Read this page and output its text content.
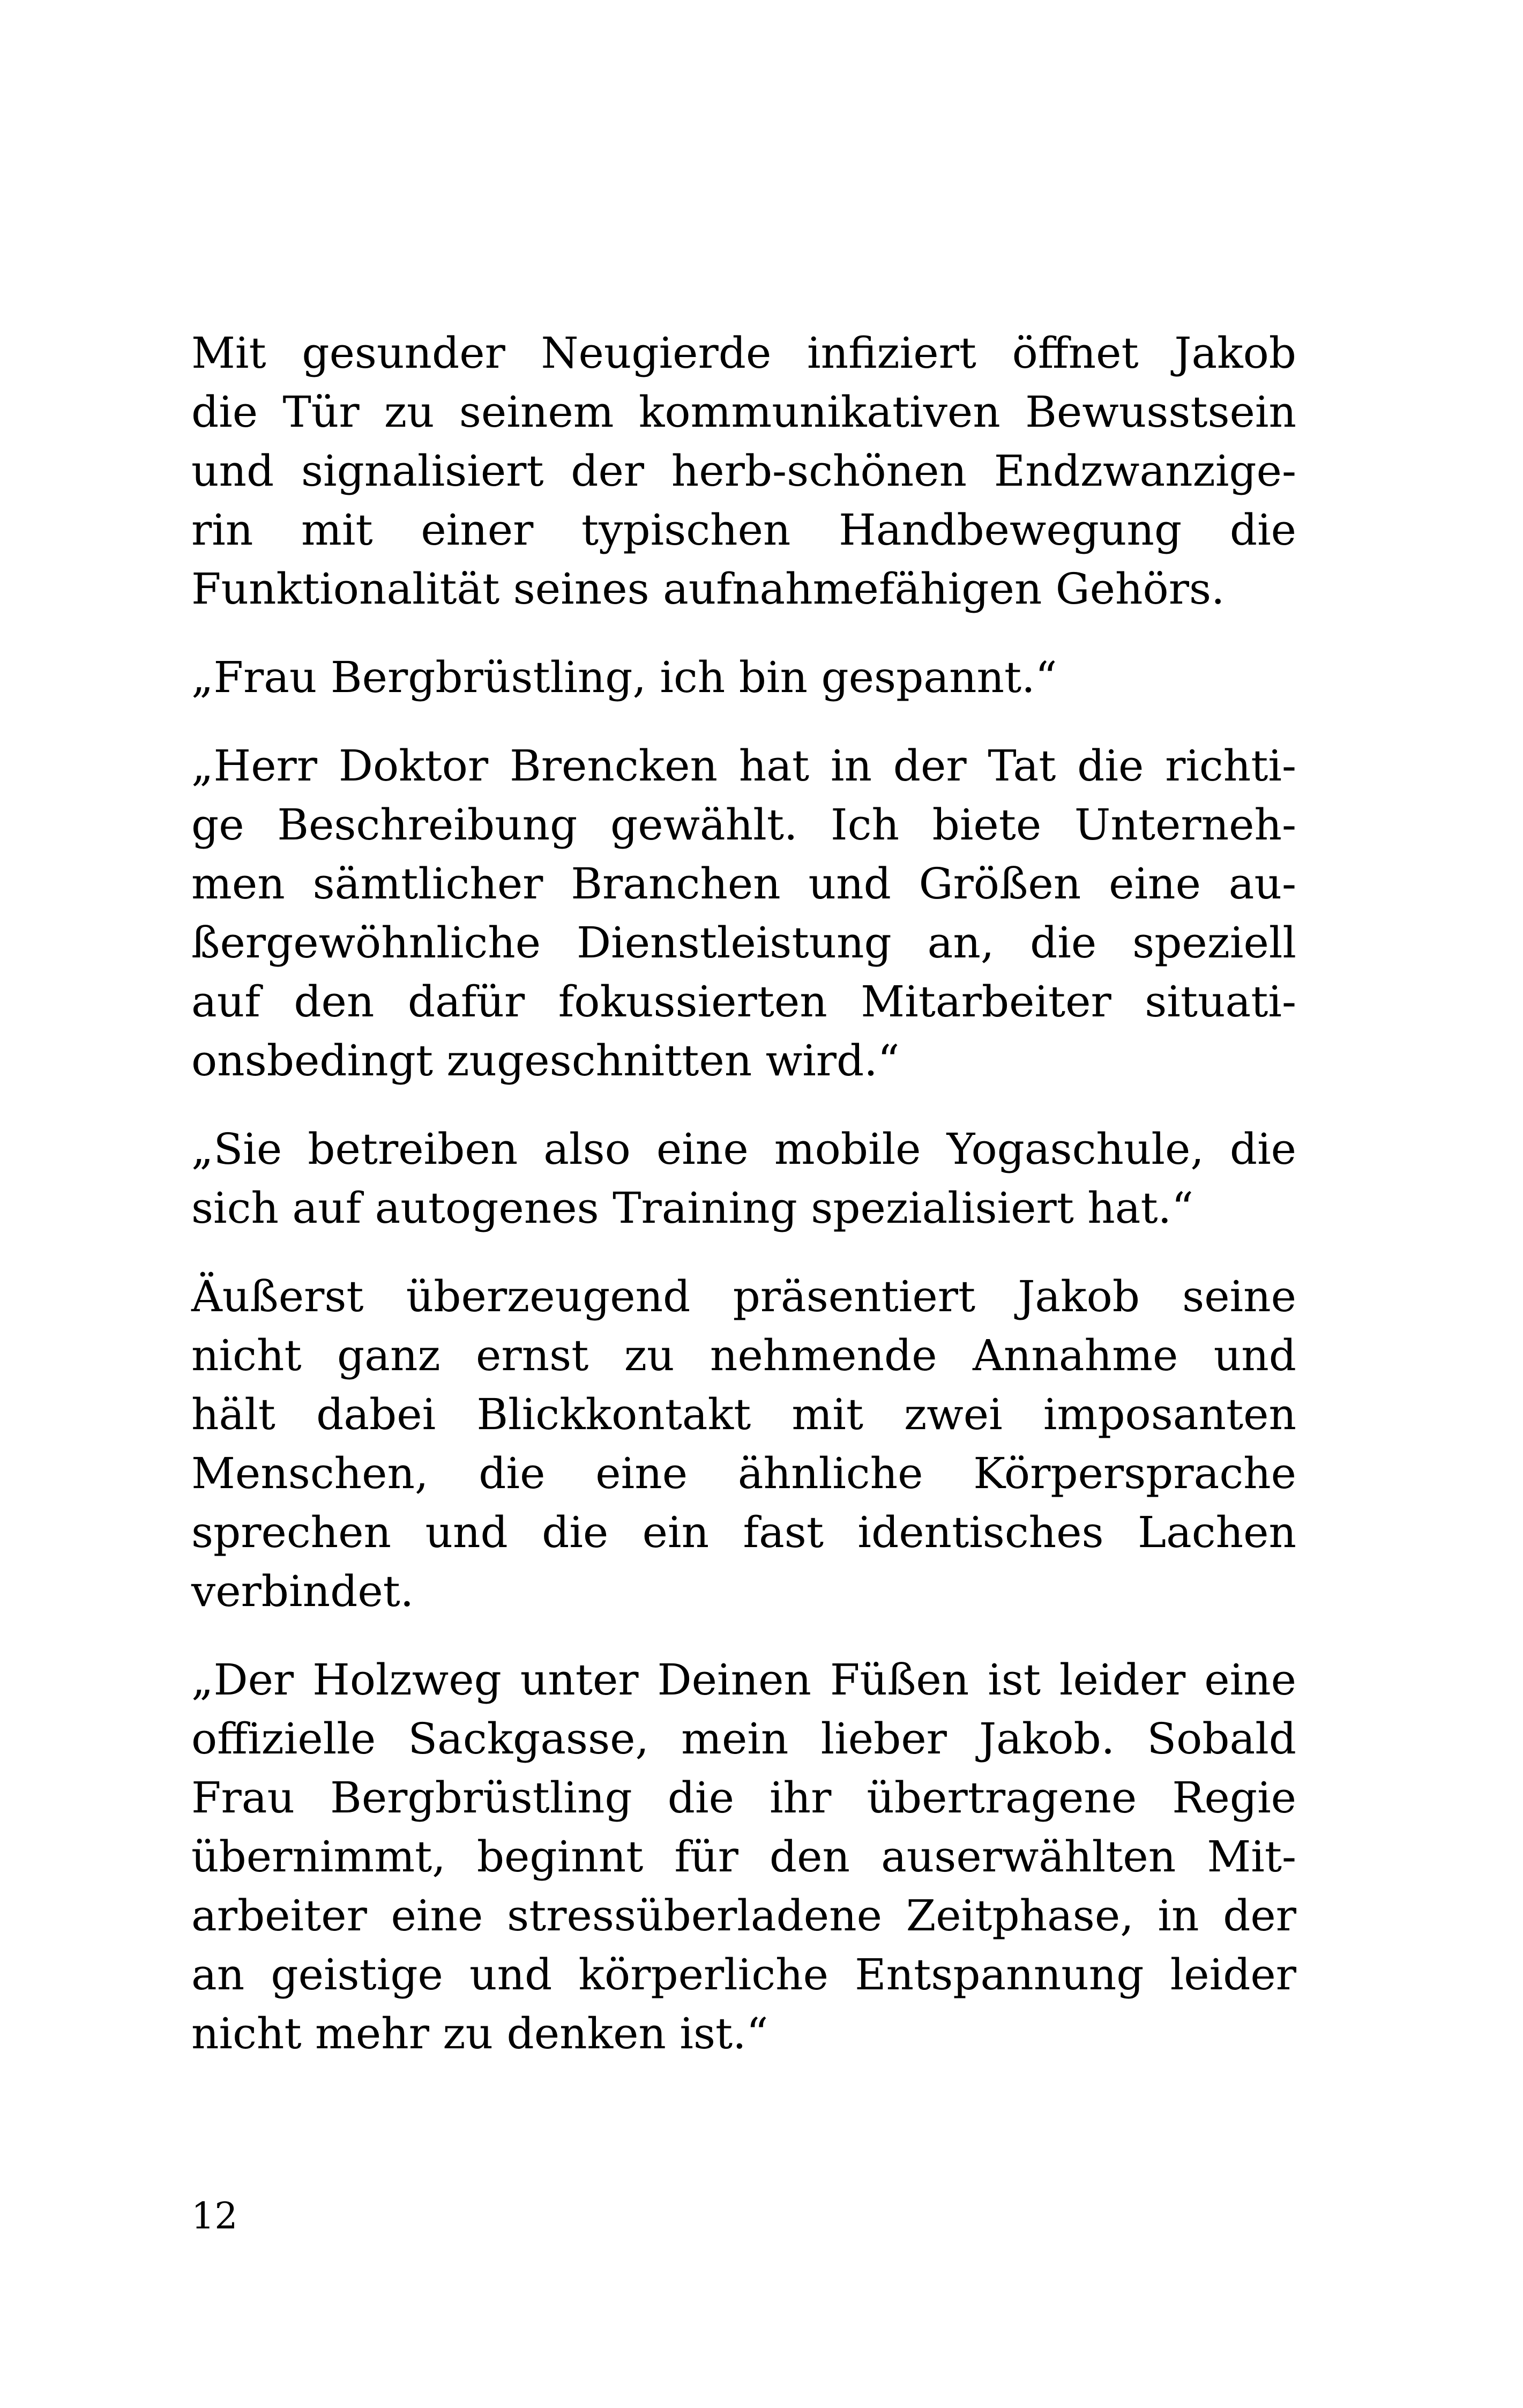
Mit gesunder Neugierde infiziert öffnet Jakob
die Tür zu seinem kommunikativen Bewusstsein
und signalisiert der herb-schönen Endzwanzige-
rin mit einer typischen Handbewegung die
Funktionalität seines aufnahmefähigen Gehörs.
„Frau Bergbrüstling, ich bin gespannt.“
„Herr Doktor Brencken hat in der Tat die richti-
ge Beschreibung gewählt. Ich biete Unterneh-
men sämtlicher Branchen und Größen eine au-
ßergewöhnliche Dienstleistung an, die speziell
auf den dafür fokussierten Mitarbeiter situati-
onsbedingt zugeschnitten wird.“
„Sie betreiben also eine mobile Yogaschule, die
sich auf autogenes Training spezialisiert hat.“
Äußerst überzeugend präsentiert Jakob seine
nicht ganz ernst zu nehmende Annahme und
hält dabei Blickkontakt mit zwei imposanten
Menschen, die eine ähnliche Körpersprache
sprechen und die ein fast identisches Lachen
verbindet.
„Der Holzweg unter Deinen Füßen ist leider eine
offizielle Sackgasse, mein lieber Jakob. Sobald
Frau Bergbrüstling die ihr übertragene Regie
übernimmt, beginnt für den auserwählten Mit-
arbeiter eine stressüberladene Zeitphase, in der
an geistige und körperliche Entspannung leider
nicht mehr zu denken ist.“
12
